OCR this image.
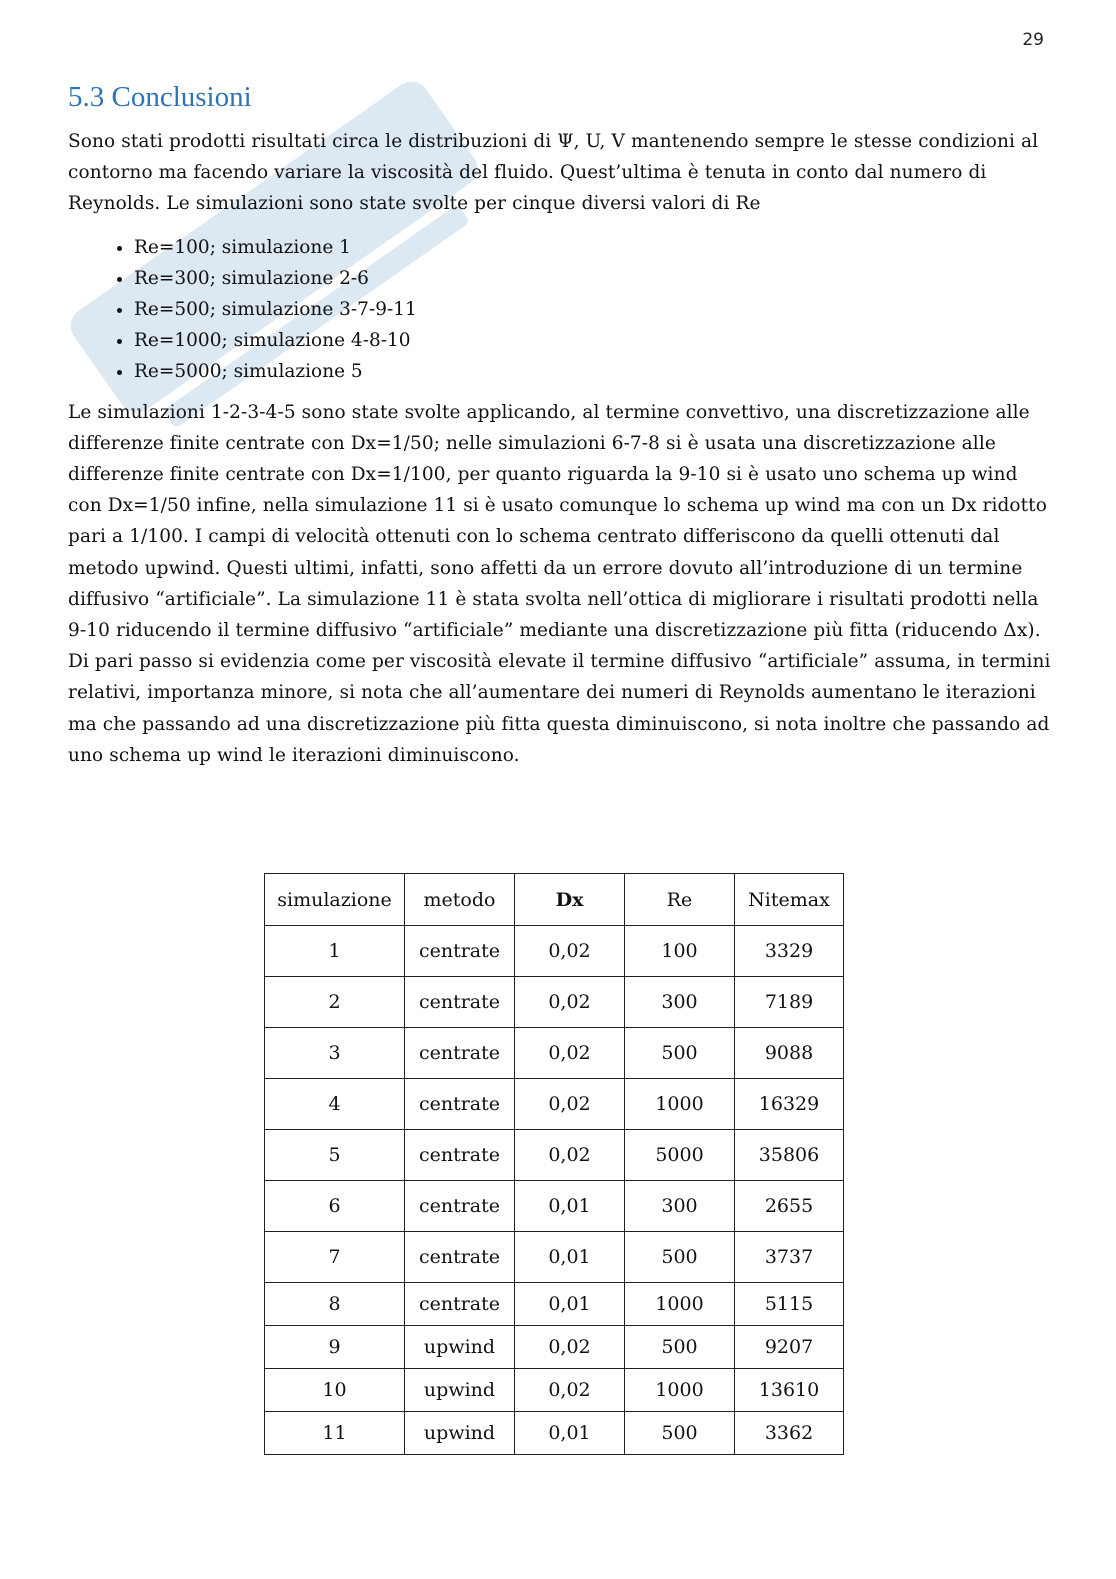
29
5.3 Conclusioni

Sono stati prodotti risultati circa le distribuzioni di Ψ, U, V mantenendo sempre le stesse condizioni al contorno ma facendo variare la viscosità del fluido. Quest’ultima è tenuta in conto dal numero di Reynolds. Le simulazioni sono state svolte per cinque diversi valori di Re

• Re=100; simulazione 1
• Re=300; simulazione 2-6
• Re=500; simulazione 3-7-9-11
• Re=1000; simulazione 4-8-10
• Re=5000; simulazione 5

Le simulazioni 1-2-3-4-5 sono state svolte applicando, al termine convettivo, una discretizzazione alle differenze finite centrate con Dx=1/50; nelle simulazioni 6-7-8 si è usata una discretizzazione alle differenze finite centrate con Dx=1/100, per quanto riguarda la 9-10 si è usato uno schema up wind con Dx=1/50 infine, nella simulazione 11 si è usato comunque lo schema up wind ma con un Dx ridotto pari a 1/100. I campi di velocità ottenuti con lo schema centrato differiscono da quelli ottenuti dal metodo upwind. Questi ultimi, infatti, sono affetti da un errore dovuto all’introduzione di un termine diffusivo “artificiale”. La simulazione 11 è stata svolta nell’ottica di migliorare i risultati prodotti nella 9-10 riducendo il termine diffusivo “artificiale” mediante una discretizzazione più fitta (riducendo Δx). Di pari passo si evidenzia come per viscosità elevate il termine diffusivo “artificiale” assuma, in termini relativi, importanza minore, si nota che all’aumentare dei numeri di Reynolds aumentano le iterazioni ma che passando ad una discretizzazione più fitta questa diminuiscono, si nota inoltre che passando ad uno schema up wind le iterazioni diminuiscono.

simulazione	metodo	Dx	Re	Nitemax
1	centrate	0,02	100	3329
2	centrate	0,02	300	7189
3	centrate	0,02	500	9088
4	centrate	0,02	1000	16329
5	centrate	0,02	5000	35806
6	centrate	0,01	300	2655
7	centrate	0,01	500	3737
8	centrate	0,01	1000	5115
9	upwind	0,02	500	9207
10	upwind	0,02	1000	13610
11	upwind	0,01	500	3362
